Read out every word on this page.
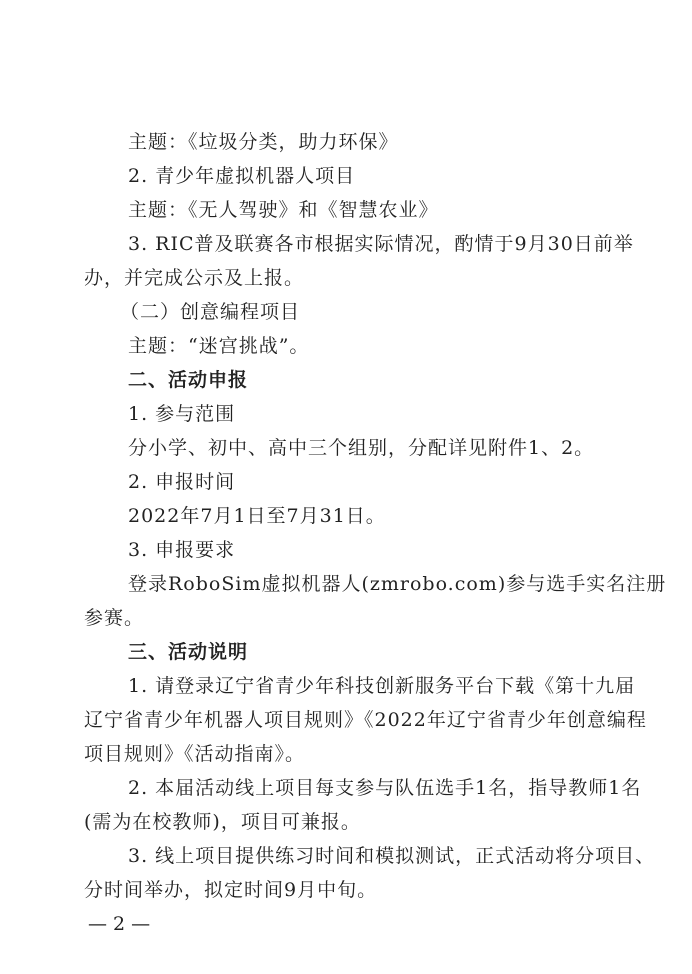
主题：《垃圾分类，助力环保》
2. 青少年虚拟机器人项目
主题：《无人驾驶》和《智慧农业》
3. RIC普及联赛各市根据实际情况，酌情于9月30日前举
办，并完成公示及上报。
（二）创意编程项目
主题：“迷宫挑战”。
二、活动申报
1. 参与范围
分小学、初中、高中三个组别，分配详见附件1、2。
2. 申报时间
2022年7月1日至7月31日。
3. 申报要求
登录RoboSim虚拟机器人(zmrobo.com)参与选手实名注册
参赛。
三、活动说明
1. 请登录辽宁省青少年科技创新服务平台下载《第十九届
辽宁省青少年机器人项目规则》《2022年辽宁省青少年创意编程
项目规则》《活动指南》。
2. 本届活动线上项目每支参与队伍选手1名，指导教师1名
(需为在校教师)，项目可兼报。
3. 线上项目提供练习时间和模拟测试，正式活动将分项目、
分时间举办，拟定时间9月中旬。
— 2 —
